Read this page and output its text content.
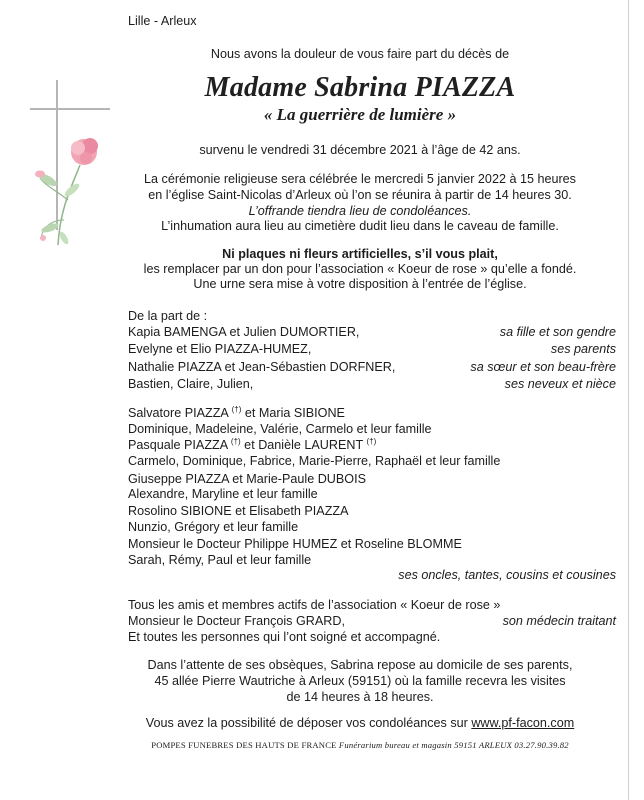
Lille - Arleux
Nous avons la douleur de vous faire part du décès de
Madame Sabrina PIAZZA
« La guerrière de lumière »
survenu le vendredi 31 décembre 2021 à l’âge de 42 ans.
La cérémonie religieuse sera célébrée le mercredi 5 janvier 2022 à 15 heures
en l’église Saint-Nicolas d’Arleux où l’on se réunira à partir de 14 heures 30.
L’offrande tiendra lieu de condoléances.
L’inhumation aura lieu au cimetière dudit lieu dans le caveau de famille.
Ni plaques ni fleurs artificielles, s’il vous plait,
les remplacer par un don pour l’association « Koeur de rose » qu’elle a fondé.
Une urne sera mise à votre disposition à l’entrée de l’église.
De la part de :
Kapia BAMENGA et Julien DUMORTIER,	sa fille et son gendre
Evelyne et Elio PIAZZA-HUMEZ,	ses parents
Nathalie PIAZZA et Jean-Sébastien DORFNER,	sa sœur et son beau-frère
Bastien, Claire, Julien,	ses neveux et nièce
Salvatore PIAZZA (†) et Maria SIBIONE
Dominique, Madeleine, Valérie, Carmelo et leur famille
Pasquale PIAZZA (†) et Danièle LAURENT (†)
Carmelo, Dominique, Fabrice, Marie-Pierre, Raphaël et leur famille
Giuseppe PIAZZA et Marie-Paule DUBOIS
Alexandre, Maryline et leur famille
Rosolino SIBIONE et Elisabeth PIAZZA
Nunzio, Grégory et leur famille
Monsieur le Docteur Philippe HUMEZ et Roseline BLOMME
Sarah, Rémy, Paul et leur famille
ses oncles, tantes, cousins et cousines
Tous les amis et membres actifs de l’association « Koeur de rose »
Monsieur le Docteur François GRARD,	son médecin traitant
Et toutes les personnes qui l’ont soigné et accompagné.
Dans l’attente de ses obsèques, Sabrina repose au domicile de ses parents,
45 allée Pierre Wautriche à Arleux (59151) où la famille recevra les visites
de 14 heures à 18 heures.
Vous avez la possibilité de déposer vos condoléances sur www.pf-facon.com
POMPES FUNEBRES DES HAUTS DE FRANCE Funérarium bureau et magasin 59151 ARLEUX 03.27.90.39.82
